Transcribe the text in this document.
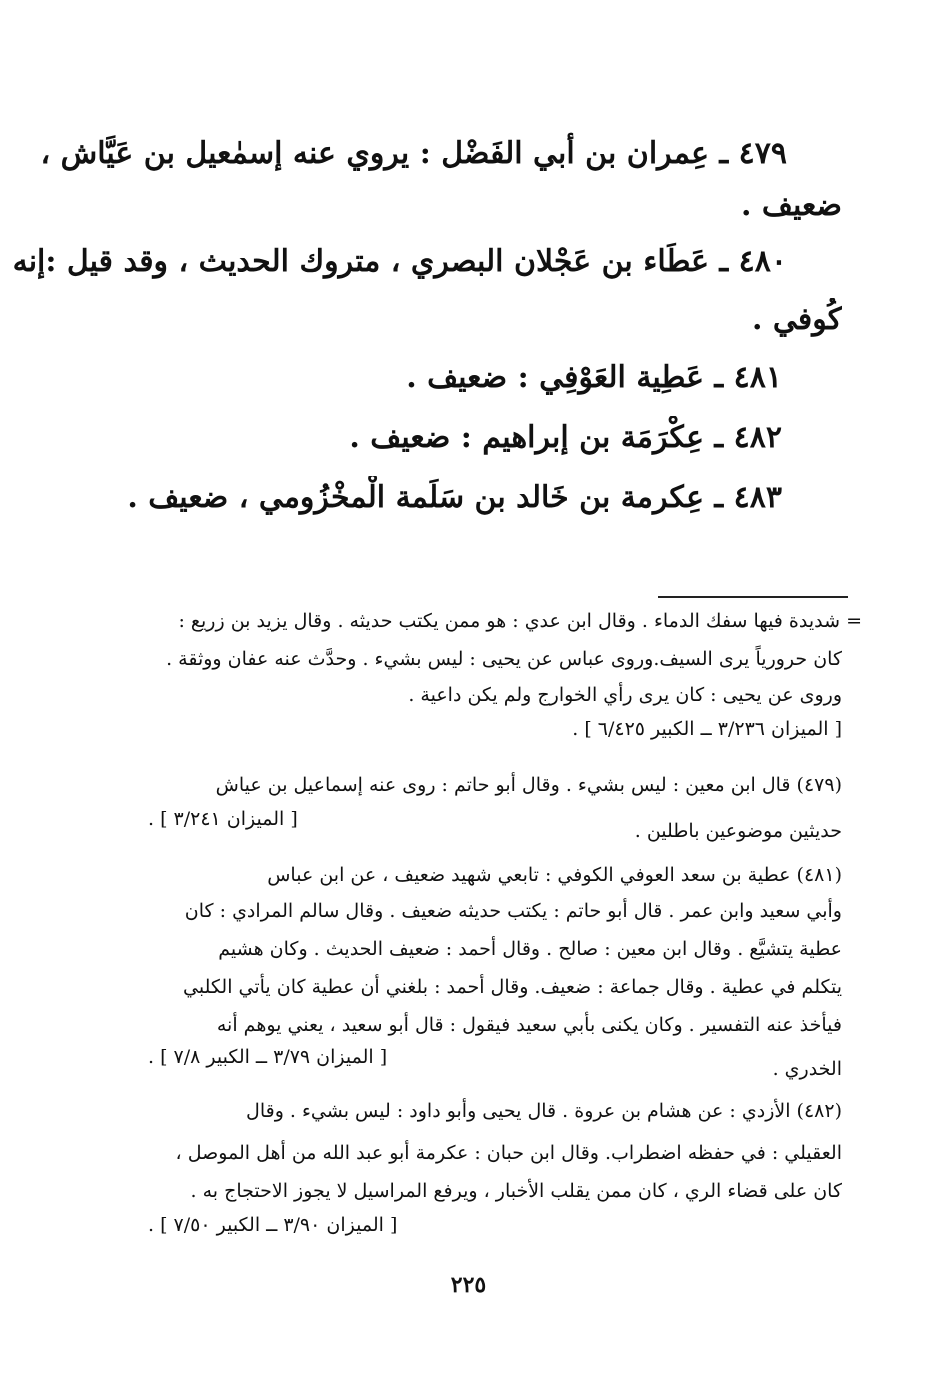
٤٧٩ ـ عِمران بن أبي الفَضْل : يروي عنه إسمٰعيل بن عَيَّاش ،

ضعيف .

٤٨٠ ـ عَطَاء بن عَجْلان البصري ، متروك الحديث ، وقد قيل :إنه

كُوفي .

٤٨١ ـ عَطِية العَوْفِي : ضعيف .

٤٨٢ ـ عِكْرَمَة بن إبراهيم : ضعيف .

٤٨٣ ـ عِكرمة بن خَالد بن سَلَمة الْمخْزُومي ، ضعيف .

= شديدة فيها سفك الدماء . وقال ابن عدي : هو ممن يكتب حديثه . وقال يزيد بن زريع :

كان حرورياً يرى السيف.وروى عباس عن يحيى : ليس بشيء . وحدَّث عنه عفان ووثقة .

وروى عن يحيى : كان يرى رأي الخوارج ولم يكن داعية .

[ الميزان ٣/٢٣٦ ــ الكبير ٦/٤٢٥ ] .

(٤٧٩) قال ابن معين : ليس بشيء . وقال أبو حاتم : روى عنه إسماعيل بن عياش

[ الميزان ٣/٢٤١ ] .

حديثين موضوعين باطلين .

(٤٨١) عطية بن سعد العوفي الكوفي : تابعي شهيد ضعيف ، عن ابن عباس

وأبي سعيد وابن عمر . قال أبو حاتم : يكتب حديثه ضعيف . وقال سالم المرادي : كان

عطية يتشيَّع . وقال ابن معين : صالح . وقال أحمد : ضعيف الحديث . وكان هشيم

يتكلم في عطية . وقال جماعة : ضعيف. وقال أحمد : بلغني أن عطية كان يأتي الكلبي

فيأخذ عنه التفسير . وكان يكنى بأبي سعيد فيقول : قال أبو سعيد ، يعني يوهم أنه

[ الميزان ٣/٧٩ ــ الكبير ٧/٨ ] .

الخدري .

(٤٨٢) الأزدي : عن هشام بن عروة . قال يحيى وأبو داود : ليس بشيء . وقال

العقيلي : في حفظه اضطراب. وقال ابن حبان : عكرمة أبو عبد الله من أهل الموصل ،

كان على قضاء الري ، كان ممن يقلب الأخبار ، ويرفع المراسيل لا يجوز الاحتجاج به .

[ الميزان ٣/٩٠ ــ الكبير ٧/٥٠ ] .

٢٢٥
